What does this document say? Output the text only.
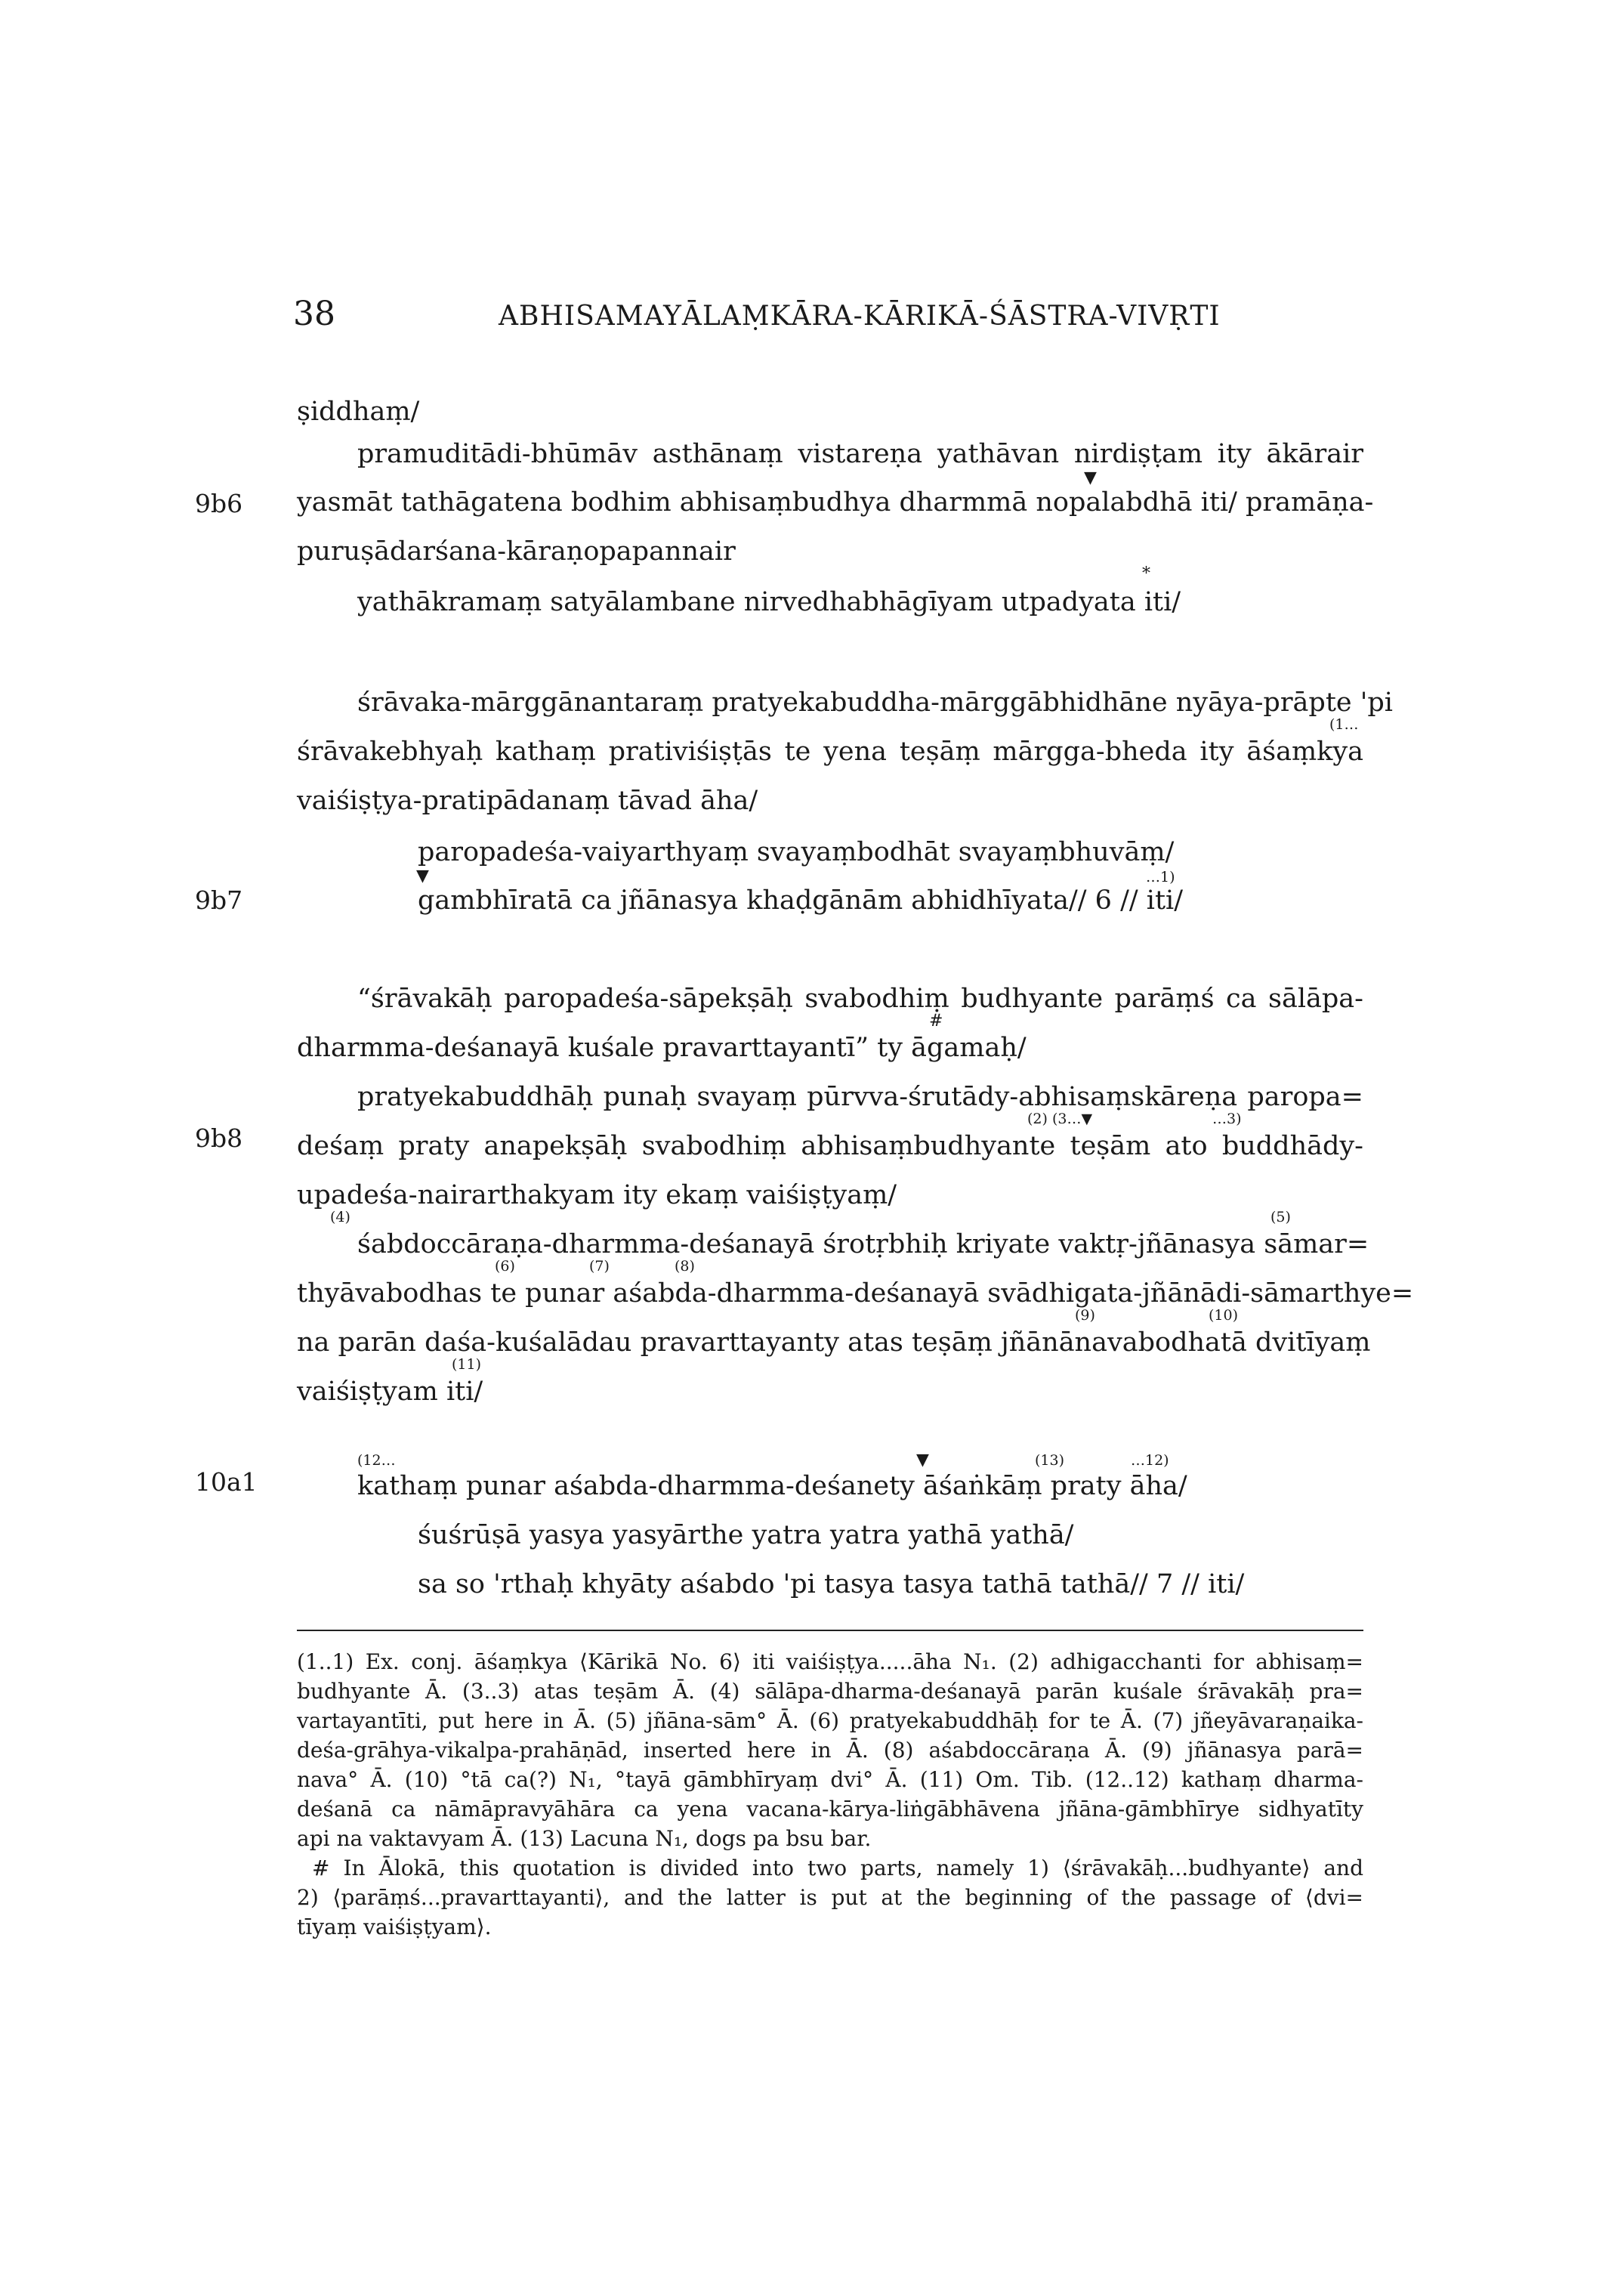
38	ABHISAMAYĀLAṂKĀRA-KĀRIKĀ-ŚĀSTRA-VIVṚTI
9b6
9b7
9b8
10a1
ṣiddhaṃ/
pramuditādi-bhūmāv asthānaṃ vistareṇa yathāvan nirdiṣṭam ity ākārair
▼
yasmāt tathāgatena bodhim abhisaṃbudhya dharmmā nopalabdhā iti/ pramāṇa-
puruṣādarśana-kāraṇopapannair
*
yathākramaṃ satyālambane nirvedhabhāgīyam utpadyata iti/
śrāvaka-mārggānantaraṃ pratyekabuddha-mārggābhidhāne nyāya-prāpte 'pi
(1…
śrāvakebhyaḥ kathaṃ prativiśiṣṭās te yena teṣāṃ mārgga-bheda ity āśaṃkya
vaiśiṣṭya-pratipādanaṃ tāvad āha/
paropadeśa-vaiyarthyaṃ svayaṃbodhāt svayaṃbhuvāṃ/
▼	…1)
gambhīratā ca jñānasya khaḍgānām abhidhīyata// 6 // iti/
“śrāvakāḥ paropadeśa-sāpekṣāḥ svabodhiṃ budhyante parāṃś ca sālāpa-
#
dharmma-deśanayā kuśale pravarttayantī” ty āgamaḥ/
pratyekabuddhāḥ punaḥ svayaṃ pūrvva-śrutādy-abhisaṃskāreṇa paropa=
(2) (3…▼	…3)
deśaṃ praty anapekṣāḥ svabodhiṃ abhisaṃbudhyante teṣām ato buddhādy-
upadeśa-nairarthakyam ity ekaṃ vaiśiṣṭyaṃ/
(4)	(5)
śabdoccāraṇa-dharmma-deśanayā śrotṛbhiḥ kriyate vaktṛ-jñānasya sāmar=
(6)	(7)	(8)
thyāvabodhas te punar aśabda-dharmma-deśanayā svādhigata-jñānādi-sāmarthye=
(9)	(10)
na parān daśa-kuśalādau pravarttayanty atas teṣāṃ jñānānavabodhatā dvitīyaṃ
(11)
vaiśiṣṭyam iti/
(12…	▼	(13)	…12)
kathaṃ punar aśabda-dharmma-deśanety āśaṅkāṃ praty āha/
śuśrūṣā yasya yasyārthe yatra yatra yathā yathā/
sa so 'rthaḥ khyāty aśabdo 'pi tasya tasya tathā tathā// 7 // iti/
(1..1) Ex. conj. āśaṃkya ⟨Kārikā No. 6⟩ iti vaiśiṣṭya.....āha N₁. (2) adhigacchanti for abhisaṃ=
budhyante Ā. (3..3) atas teṣām Ā. (4) sālāpa-dharma-deśanayā parān kuśale śrāvakāḥ pra=
vartayantīti, put here in Ā. (5) jñāna-sām° Ā. (6) pratyekabuddhāḥ for te Ā. (7) jñeyāvaraṇaika-
deśa-grāhya-vikalpa-prahāṇād, inserted here in Ā. (8) aśabdoccāraṇa Ā. (9) jñānasya parā=
nava° Ā. (10) °tā ca(?) N₁, °tayā gāmbhīryaṃ dvi° Ā. (11) Om. Tib. (12..12) kathaṃ dharma-
deśanā ca nāmāpravyāhāra ca yena vacana-kārya-liṅgābhāvena jñāna-gāmbhīrye sidhyatīty
api na vaktavyam Ā. (13) Lacuna N₁, dogs pa bsu bar.
# In Ālokā, this quotation is divided into two parts, namely 1) ⟨śrāvakāḥ...budhyante⟩ and
2) ⟨parāṃś...pravarttayanti⟩, and the latter is put at the beginning of the passage of ⟨dvi=
tīyaṃ vaiśiṣṭyam⟩.
